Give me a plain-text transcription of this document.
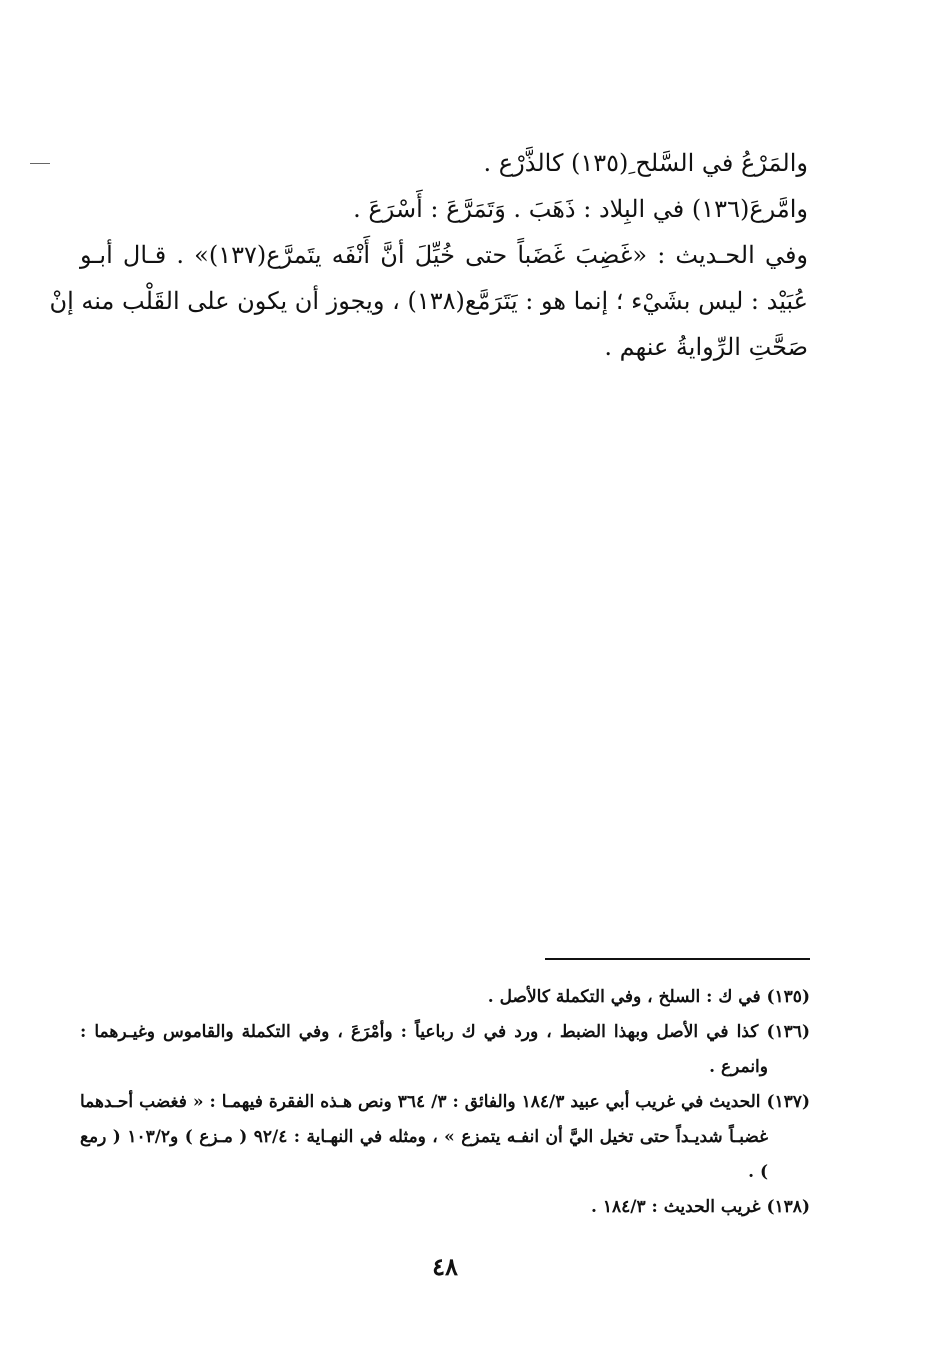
والمَرْعُ في السَّلح ِ(١٣٥) كالذَّرْع .

وامَّرعَ(١٣٦) في البِلاد : ذَهَبَ . وَتَمَرَّعَ : أَسْرَعَ .

وفي الحـديث : «غَضِبَ غَضَباً حتى خُيِّلَ أنَّ أَنْفَه يتَمرَّع(١٣٧)» . قـال أبـو

عُبَيْد : ليس بشَيْء ؛ إنما هو : يَتَرَمَّع(١٣٨) ، ويجوز أن يكون على القَلْب منه إنْ

صَحَّتِ الرِّوايةُ عنهم .

(١٣٥) في ك : السلخ ، وفي التكملة كالأصل .

(١٣٦) كذا في الأصل وبهذا الضبط ، ورد في ك رباعياً : وأمْرَعَ ، وفي التكملة والقاموس وغيـرهما : وانمرع .

(١٣٧) الحديث في غريب أبي عبيد ١٨٤/٣ والفائق : ٣/ ٣٦٤ ونص هـذه الفقرة فيهمـا : « فغضب أحـدهما غضبـاً شديـداً حتى تخيل اليَّ أن انفـه يتمزع » ، ومثله في النهـاية : ٩٢/٤ ( مـزع ) و١٠٣/٢ ( رمع ) .

(١٣٨) غريب الحديث : ١٨٤/٣ .

٤٨
